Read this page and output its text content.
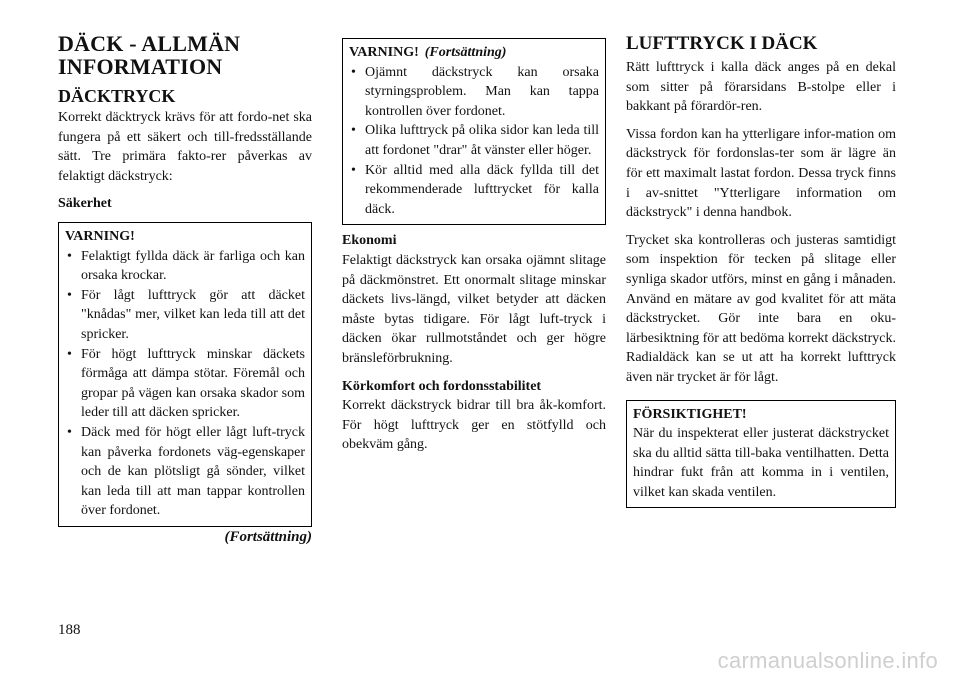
DÄCK - ALLMÄN
INFORMATION
DÄCKTRYCK

Korrekt däcktryck krävs för att fordo-net ska fungera på ett säkert och till-fredsställande sätt. Tre primära fakto-rer påverkas av felaktigt däckstryck:

Säkerhet
VARNING!
• Felaktigt fyllda däck är farliga och kan orsaka krockar.
• För lågt lufttryck gör att däcket "knådas" mer, vilket kan leda till att det spricker.
• För högt lufttryck minskar däckets förmåga att dämpa stötar. Föremål och gropar på vägen kan orsaka skador som leder till att däcken spricker.
• Däck med för högt eller lågt luft-tryck kan påverka fordonets väg-egenskaper och de kan plötsligt gå sönder, vilket kan leda till att man tappar kontrollen över fordonet.
(Fortsättning)
VARNING! (Fortsättning)
• Ojämnt däckstryck kan orsaka styrningsproblem. Man kan tappa kontrollen över fordonet.
• Olika lufttryck på olika sidor kan leda till att fordonet "drar" åt vänster eller höger.
• Kör alltid med alla däck fyllda till det rekommenderade lufttrycket för kalla däck.
Ekonomi

Felaktigt däckstryck kan orsaka ojämnt slitage på däckmönstret. Ett onormalt slitage minskar däckets livs-längd, vilket betyder att däcken måste bytas tidigare. För lågt luft-tryck i däcken ökar rullmotståndet och ger högre bränsleförbrukning.

Körkomfort och fordonsstabilitet

Korrekt däckstryck bidrar till bra åk-komfort. För högt lufttryck ger en stötfylld och obekväm gång.

LUFTTRYCK I DÄCK

Rätt lufttryck i kalla däck anges på en dekal som sitter på förarsidans B-stolpe eller i bakkant på förardör-ren.

Vissa fordon kan ha ytterligare infor-mation om däckstryck för fordonslas-ter som är lägre än för ett maximalt lastat fordon. Dessa tryck finns i av-snittet "Ytterligare information om däckstryck" i denna handbok.

Trycket ska kontrolleras och justeras samtidigt som inspektion för tecken på slitage eller synliga skador utförs, minst en gång i månaden. Använd en mätare av god kvalitet för att mäta däckstrycket. Gör inte bara en oku-lärbesiktning för att bedöma korrekt däckstryck. Radialdäck kan se ut att ha korrekt lufttryck även när trycket är för lågt.

FÖRSIKTIGHET!

När du inspekterat eller justerat däckstrycket ska du alltid sätta till-baka ventilhatten. Detta hindrar fukt från att komma in i ventilen, vilket kan skada ventilen.

188
carmanualsonline.info
